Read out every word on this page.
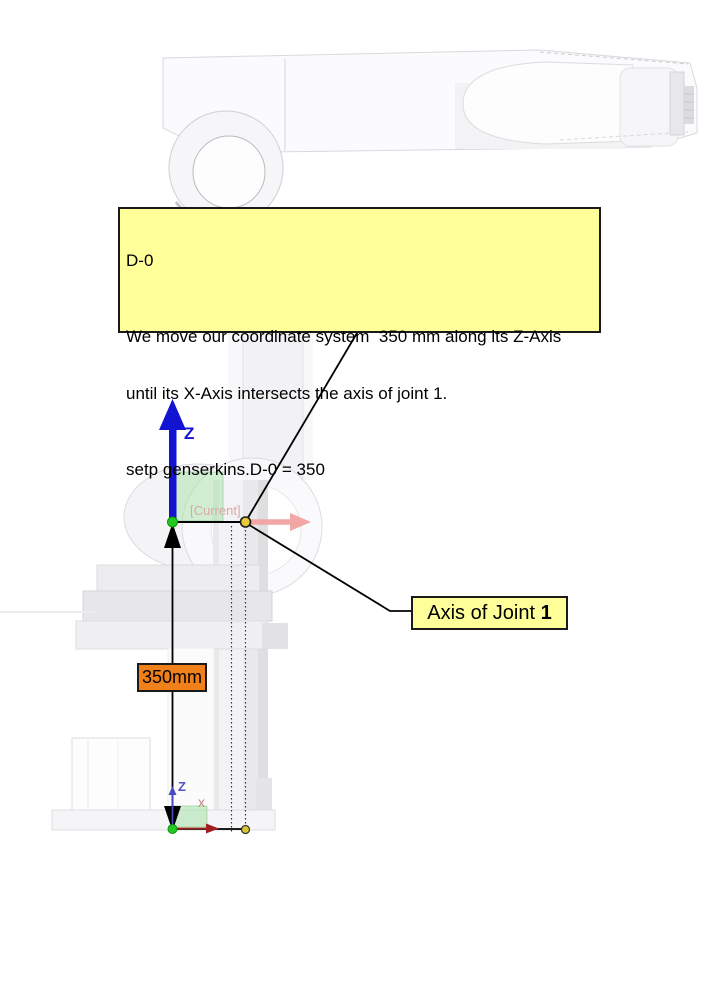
D-0

We move our coordinate system  350 mm along its Z-Axis

until its X-Axis intersects the axis of joint 1.

setp genserkins.D-0 = 350

Axis of Joint 1
350mm
Z
[Current]
Z
x
